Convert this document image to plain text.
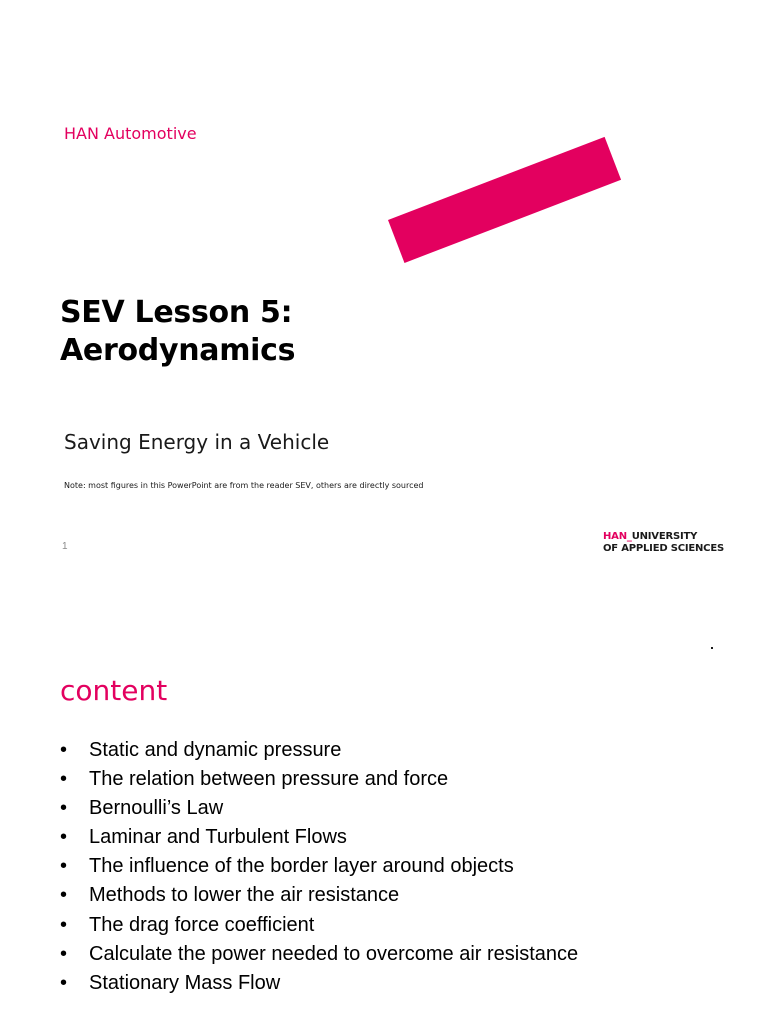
HAN Automotive
SEV Lesson 5:
Aerodynamics
Saving Energy in a Vehicle
Note: most figures in this PowerPoint are from the reader SEV, others are directly sourced
1
HAN_UNIVERSITY
OF APPLIED SCIENCES
content
• Static and dynamic pressure
• The relation between pressure and force
• Bernoulli’s Law
• Laminar and Turbulent Flows
• The influence of the border layer around objects
• Methods to lower the air resistance
• The drag force coefficient
• Calculate the power needed to overcome air resistance
• Stationary Mass Flow
